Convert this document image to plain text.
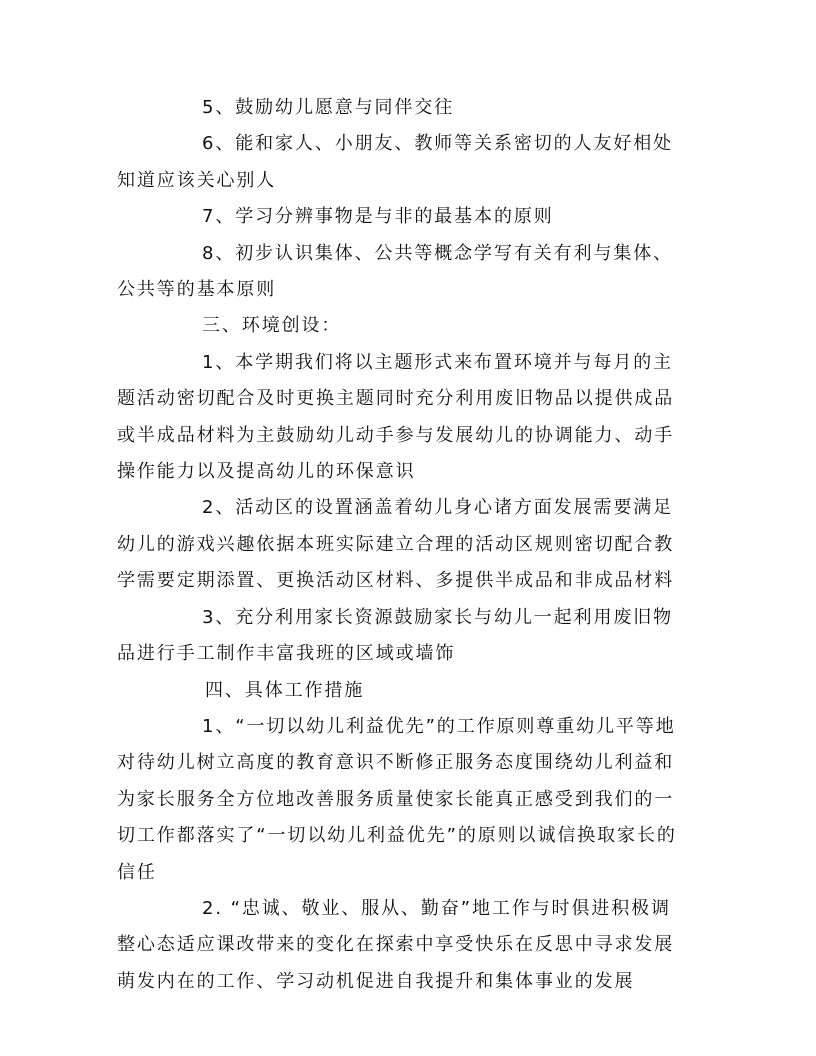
5、鼓励幼儿愿意与同伴交往

6、能和家人、小朋友、教师等关系密切的人友好相处知道应该关心别人

7、学习分辨事物是与非的最基本的原则

8、初步认识集体、公共等概念学写有关有利与集体、公共等的基本原则

三、环境创设：

1、本学期我们将以主题形式来布置环境并与每月的主题活动密切配合及时更换主题同时充分利用废旧物品以提供成品或半成品材料为主鼓励幼儿动手参与发展幼儿的协调能力、动手操作能力以及提高幼儿的环保意识

2、活动区的设置涵盖着幼儿身心诸方面发展需要满足幼儿的游戏兴趣依据本班实际建立合理的活动区规则密切配合教学需要定期添置、更换活动区材料、多提供半成品和非成品材料

3、充分利用家长资源鼓励家长与幼儿一起利用废旧物品进行手工制作丰富我班的区域或墙饰

四、具体工作措施

1、“一切以幼儿利益优先”的工作原则尊重幼儿平等地对待幼儿树立高度的教育意识不断修正服务态度围绕幼儿利益和为家长服务全方位地改善服务质量使家长能真正感受到我们的一切工作都落实了“一切以幼儿利益优先”的原则以诚信换取家长的信任

2. “忠诚、敬业、服从、勤奋”地工作与时俱进积极调整心态适应课改带来的变化在探索中享受快乐在反思中寻求发展萌发内在的工作、学习动机促进自我提升和集体事业的发展
